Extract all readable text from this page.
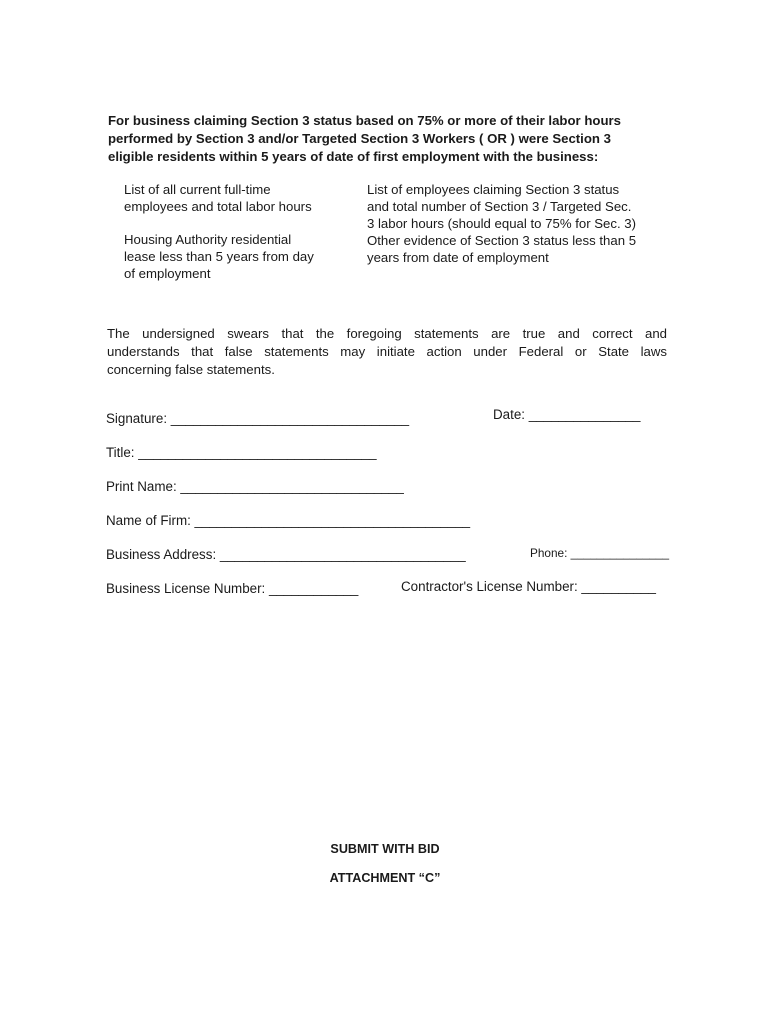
For business claiming Section 3 status based on 75% or more of their labor hours
performed by Section 3 and/or Targeted Section 3 Workers ( OR ) were Section 3
eligible residents within 5 years of date of first employment with the business:
List of all current full-time
employees and total labor hours
Housing Authority residential
lease less than 5 years from day
of employment
List of employees claiming Section 3 status
and total number of Section 3 / Targeted Sec.
3 labor hours (should equal to 75% for Sec. 3)
Other evidence of Section 3 status less than 5
years from date of employment
The undersigned swears that the foregoing statements are true and correct and
understands that false statements may initiate action under Federal or State laws
concerning false statements.
Signature: ________________________________	Date: _______________
Title: ________________________________
Print Name: ______________________________
Name of Firm: _____________________________________
Business Address: _________________________________	Phone: _______________
Business License Number: ____________	Contractor's License Number: __________
SUBMIT WITH BID
ATTACHMENT “C”
